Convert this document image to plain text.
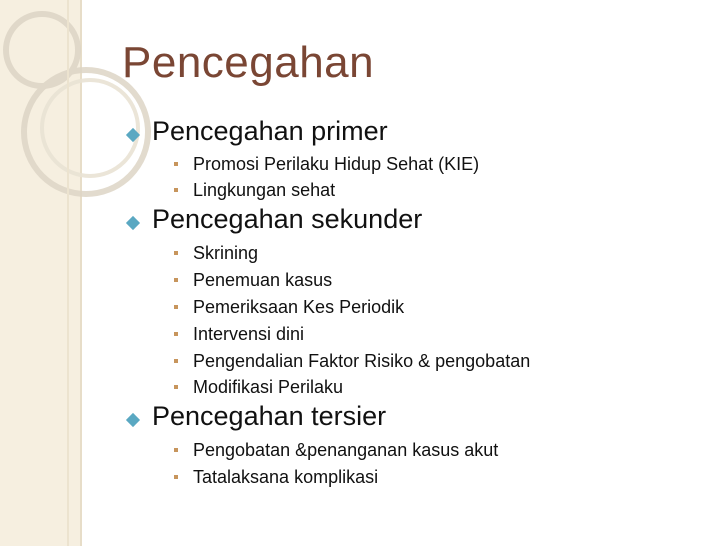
Pencegahan
Pencegahan primer
Promosi Perilaku Hidup Sehat (KIE)
Lingkungan sehat
Pencegahan sekunder
Skrining
Penemuan kasus
Pemeriksaan Kes Periodik
Intervensi dini
Pengendalian Faktor Risiko & pengobatan
Modifikasi Perilaku
Pencegahan tersier
Pengobatan &penanganan kasus akut
Tatalaksana komplikasi
